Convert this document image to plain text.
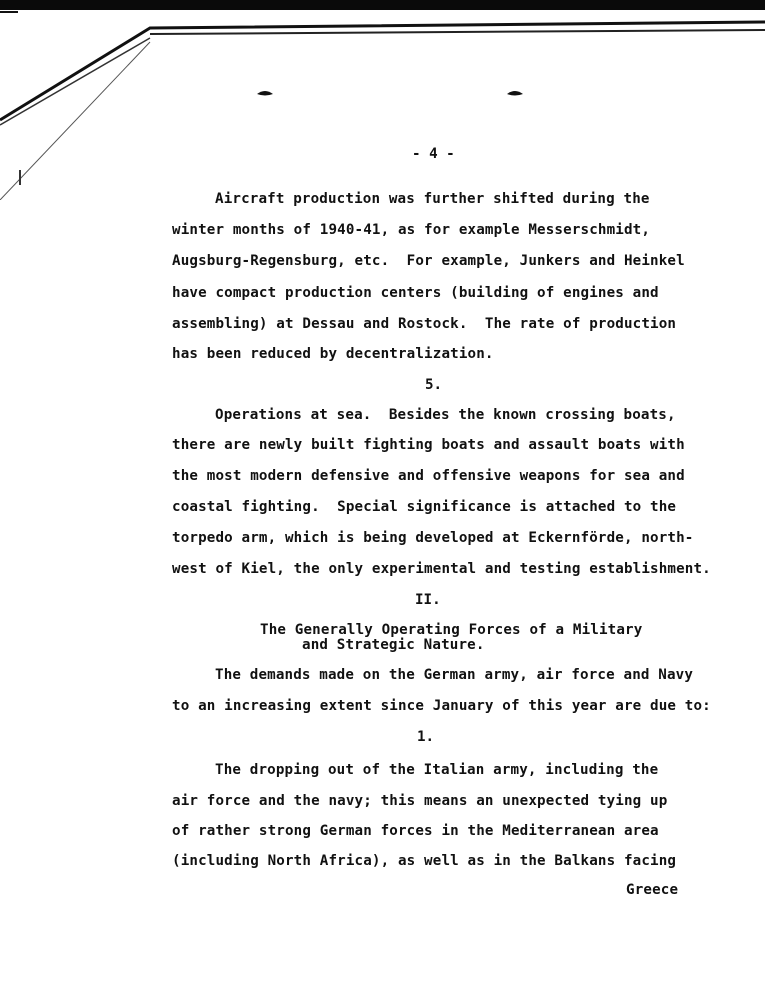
- 4 -
Aircraft production was further shifted during the
winter months of 1940-41, as for example Messerschmidt,
Augsburg-Regensburg, etc.  For example, Junkers and Heinkel
have compact production centers (building of engines and
assembling) at Dessau and Rostock.  The rate of production
has been reduced by decentralization.
5.
Operations at sea.  Besides the known crossing boats,
there are newly built fighting boats and assault boats with
the most modern defensive and offensive weapons for sea and
coastal fighting.  Special significance is attached to the
torpedo arm, which is being developed at Eckernförde, north-
west of Kiel, the only experimental and testing establishment.
II.
The Generally Operating Forces of a Military
and Strategic Nature.
The demands made on the German army, air force and Navy
to an increasing extent since January of this year are due to:
1.
The dropping out of the Italian army, including the
air force and the navy; this means an unexpected tying up
of rather strong German forces in the Mediterranean area
(including North Africa), as well as in the Balkans facing
Greece
